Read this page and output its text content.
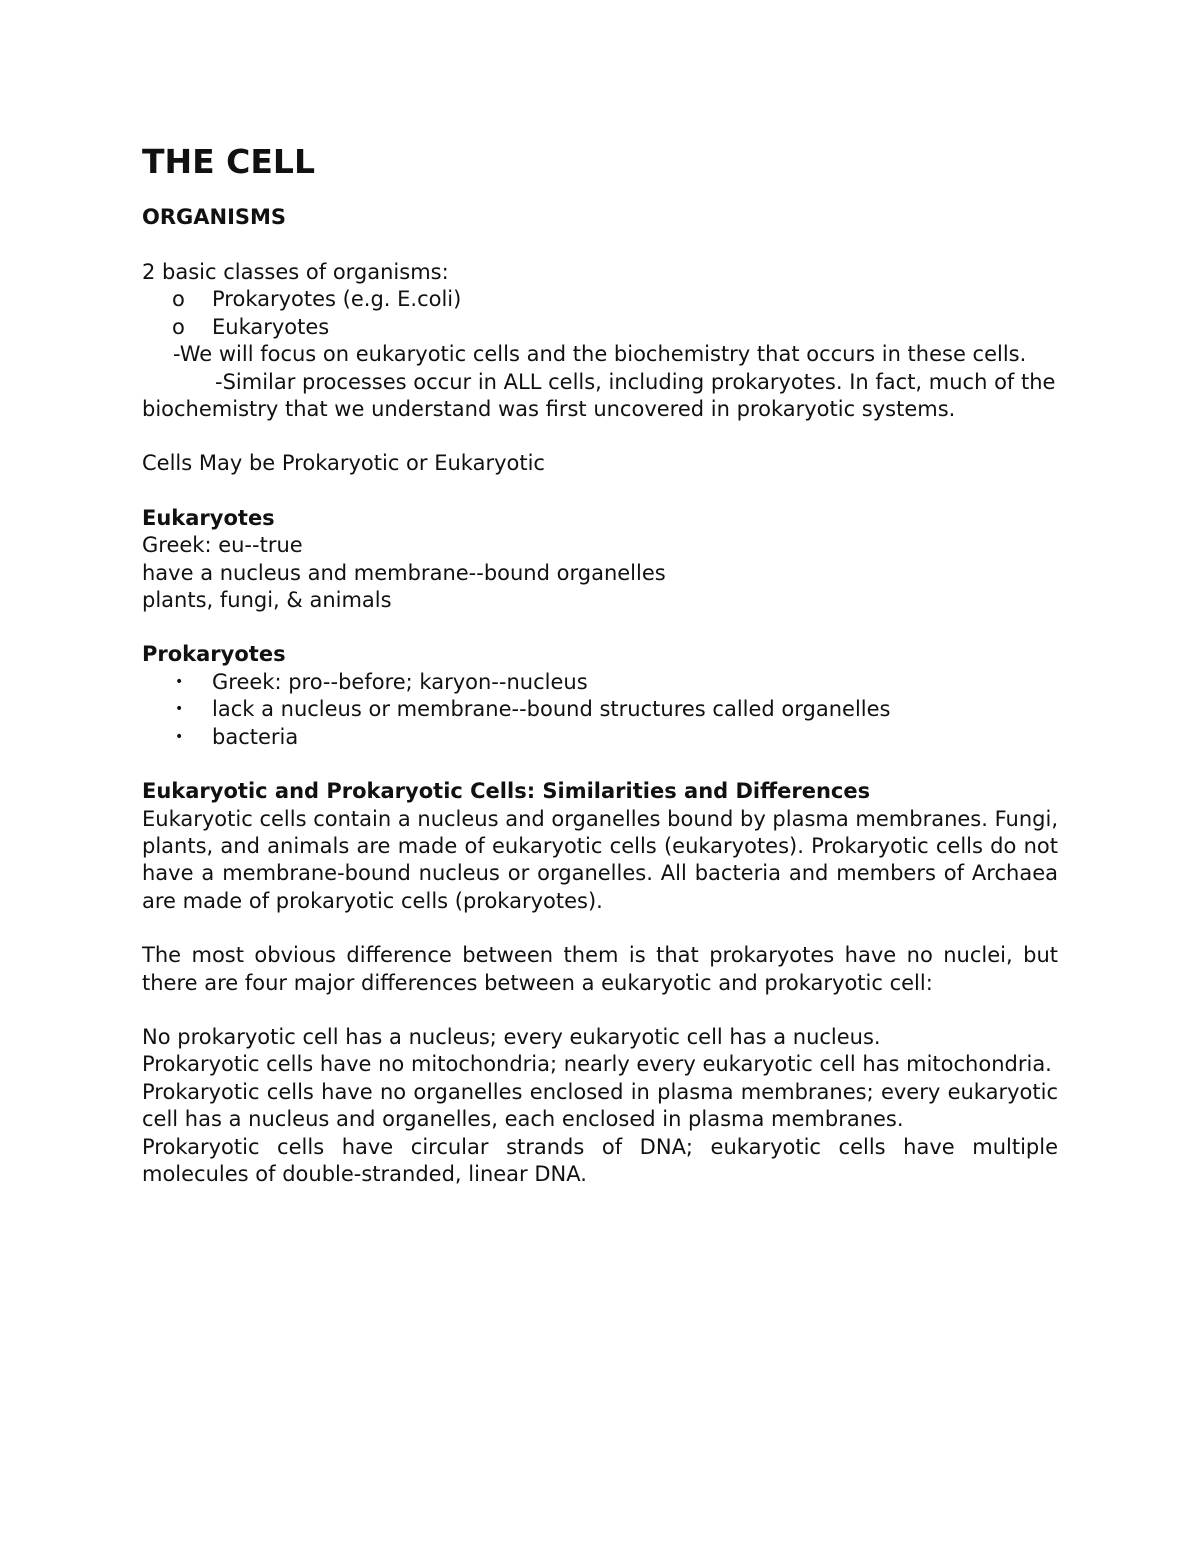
THE CELL
ORGANISMS
2 basic classes of organisms:
o Prokaryotes (e.g. E.coli)
o Eukaryotes
-We will focus on eukaryotic cells and the biochemistry that occurs in these cells.
-Similar processes occur in ALL cells, including prokaryotes. In fact, much of the biochemistry that we understand was first uncovered in prokaryotic systems.
Cells May be Prokaryotic or Eukaryotic
Eukaryotes
Greek: eu--true
have a nucleus and membrane--bound organelles
plants, fungi, & animals
Prokaryotes
• Greek: pro--before; karyon--nucleus
• lack a nucleus or membrane--bound structures called organelles
• bacteria
Eukaryotic and Prokaryotic Cells: Similarities and Differences
Eukaryotic cells contain a nucleus and organelles bound by plasma membranes. Fungi, plants, and animals are made of eukaryotic cells (eukaryotes). Prokaryotic cells do not have a membrane-bound nucleus or organelles. All bacteria and members of Archaea are made of prokaryotic cells (prokaryotes).
The most obvious difference between them is that prokaryotes have no nuclei, but there are four major differences between a eukaryotic and prokaryotic cell:
No prokaryotic cell has a nucleus; every eukaryotic cell has a nucleus.
Prokaryotic cells have no mitochondria; nearly every eukaryotic cell has mitochondria.
Prokaryotic cells have no organelles enclosed in plasma membranes; every eukaryotic cell has a nucleus and organelles, each enclosed in plasma membranes.
Prokaryotic cells have circular strands of DNA; eukaryotic cells have multiple molecules of double-stranded, linear DNA.
